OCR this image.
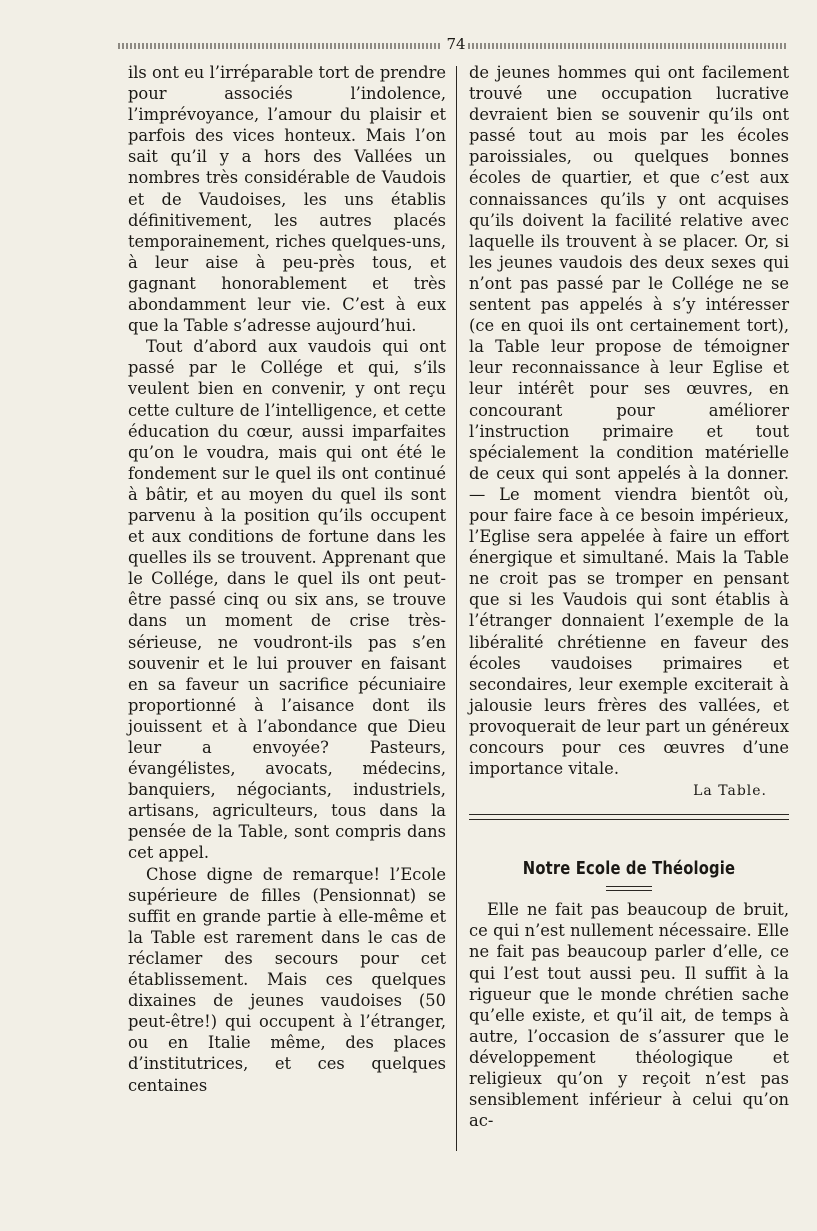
74

ils ont eu l’irréparable tort de prendre pour associés l’indolence, l’imprévoyance, l’amour du plaisir et parfois des vices honteux. Mais l’on sait qu’il y a hors des Vallées un nombres très considérable de Vaudois et de Vaudoises, les uns établis définitivement, les autres placés temporainement, riches quelques-uns, à leur aise à peu-près tous, et gagnant honorablement et très abondamment leur vie. C’est à eux que la Table s’adresse aujourd’hui.

Tout d’abord aux vaudois qui ont passé par le Collége et qui, s’ils veulent bien en convenir, y ont reçu cette culture de l’intelligence, et cette éducation du cœur, aussi imparfaites qu’on le voudra, mais qui ont été le fondement sur le quel ils ont continué à bâtir, et au moyen du quel ils sont parvenu à la position qu’ils occupent et aux conditions de fortune dans les quelles ils se trouvent. Apprenant que le Collége, dans le quel ils ont peut-être passé cinq ou six ans, se trouve dans un moment de crise très-sérieuse, ne voudront-ils pas s’en souvenir et le lui prouver en faisant en sa faveur un sacrifice pécuniaire proportionné à l’aisance dont ils jouissent et à l’abondance que Dieu leur a envoyée? Pasteurs, évangélistes, avocats, médecins, banquiers, négociants, industriels, artisans, agriculteurs, tous dans la pensée de la Table, sont compris dans cet appel.

Chose digne de remarque! l’Ecole supérieure de filles (Pensionnat) se suffit en grande partie à elle-même et la Table est rarement dans le cas de réclamer des secours pour cet établissement. Mais ces quelques dixaines de jeunes vaudoises (50 peut-être!) qui occupent à l’étranger, ou en Italie même, des places d’institutrices, et ces quelques centaines

de jeunes hommes qui ont facilement trouvé une occupation lucrative devraient bien se souvenir qu’ils ont passé tout au mois par les écoles paroissiales, ou quelques bonnes écoles de quartier, et que c’est aux connaissances qu’ils y ont acquises qu’ils doivent la facilité relative avec laquelle ils trouvent à se placer. Or, si les jeunes vaudois des deux sexes qui n’ont pas passé par le Collége ne se sentent pas appelés à s’y intéresser (ce en quoi ils ont certainement tort), la Table leur propose de témoigner leur reconnaissance à leur Eglise et leur intérêt pour ses œuvres, en concourant pour améliorer l’instruction primaire et tout spécialement la condition matérielle de ceux qui sont appelés à la donner. — Le moment viendra bientôt où, pour faire face à ce besoin impérieux, l’Eglise sera appelée à faire un effort énergique et simultané. Mais la Table ne croit pas se tromper en pensant que si les Vaudois qui sont établis à l’étranger donnaient l’exemple de la libéralité chrétienne en faveur des écoles vaudoises primaires et secondaires, leur exemple exciterait à jalousie leurs frères des vallées, et provoquerait de leur part un généreux concours pour ces œuvres d’une importance vitale.

La Table.
Notre Ecole de Théologie

Elle ne fait pas beaucoup de bruit, ce qui n’est nullement nécessaire. Elle ne fait pas beaucoup parler d’elle, ce qui l’est tout aussi peu. Il suffit à la rigueur que le monde chrétien sache qu’elle existe, et qu’il ait, de temps à autre, l’occasion de s’assurer que le développement théologique et religieux qu’on y reçoit n’est pas sensiblement inférieur à celui qu’on ac-
